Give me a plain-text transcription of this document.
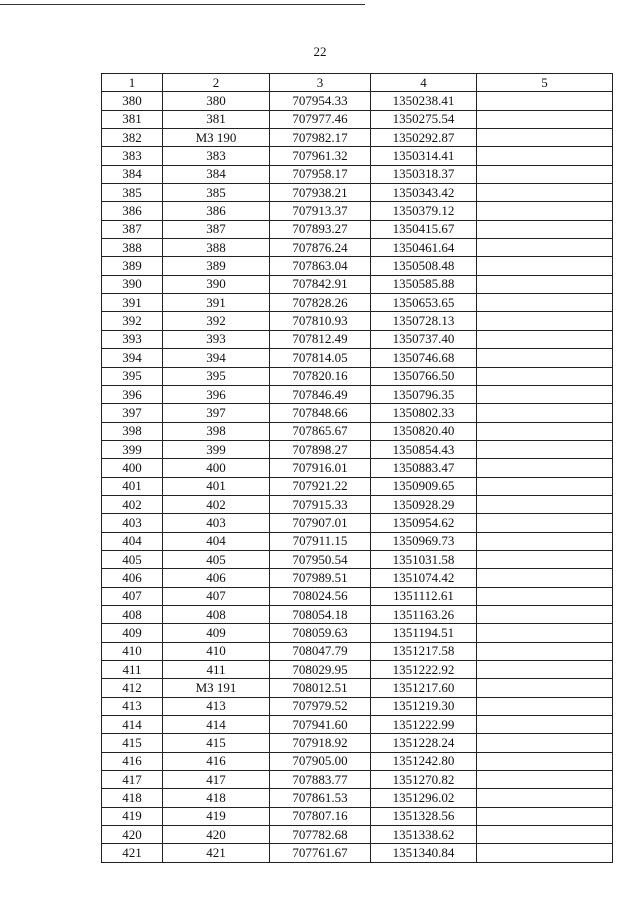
22
1	2	3	4	5
380	380	707954.33	1350238.41	
381	381	707977.46	1350275.54	
382	МЗ 190	707982.17	1350292.87	
383	383	707961.32	1350314.41	
384	384	707958.17	1350318.37	
385	385	707938.21	1350343.42	
386	386	707913.37	1350379.12	
387	387	707893.27	1350415.67	
388	388	707876.24	1350461.64	
389	389	707863.04	1350508.48	
390	390	707842.91	1350585.88	
391	391	707828.26	1350653.65	
392	392	707810.93	1350728.13	
393	393	707812.49	1350737.40	
394	394	707814.05	1350746.68	
395	395	707820.16	1350766.50	
396	396	707846.49	1350796.35	
397	397	707848.66	1350802.33	
398	398	707865.67	1350820.40	
399	399	707898.27	1350854.43	
400	400	707916.01	1350883.47	
401	401	707921.22	1350909.65	
402	402	707915.33	1350928.29	
403	403	707907.01	1350954.62	
404	404	707911.15	1350969.73	
405	405	707950.54	1351031.58	
406	406	707989.51	1351074.42	
407	407	708024.56	1351112.61	
408	408	708054.18	1351163.26	
409	409	708059.63	1351194.51	
410	410	708047.79	1351217.58	
411	411	708029.95	1351222.92	
412	МЗ 191	708012.51	1351217.60	
413	413	707979.52	1351219.30	
414	414	707941.60	1351222.99	
415	415	707918.92	1351228.24	
416	416	707905.00	1351242.80	
417	417	707883.77	1351270.82	
418	418	707861.53	1351296.02	
419	419	707807.16	1351328.56	
420	420	707782.68	1351338.62	
421	421	707761.67	1351340.84	
